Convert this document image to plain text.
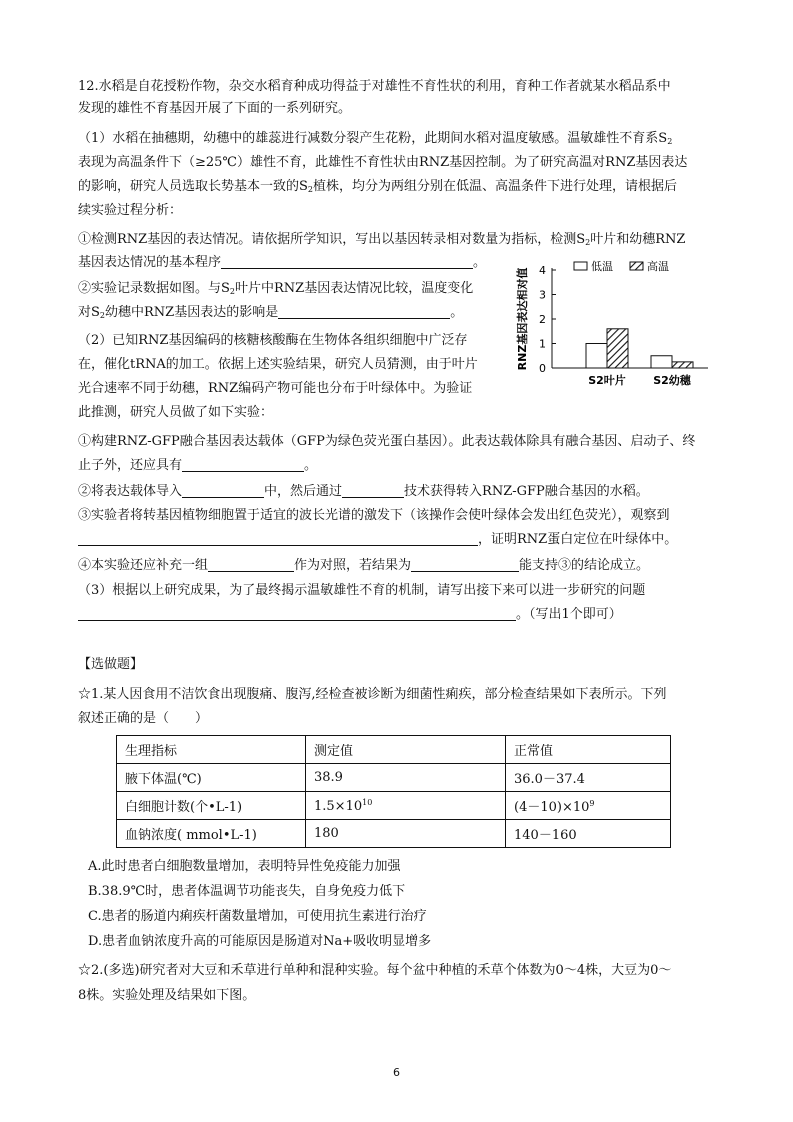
12.水稻是自花授粉作物，杂交水稻育种成功得益于对雄性不育性状的利用，育种工作者就某水稻品系中
发现的雄性不育基因开展了下面的一系列研究。
（1）水稻在抽穗期，幼穗中的雄蕊进行减数分裂产生花粉，此期间水稻对温度敏感。温敏雄性不育系$S_2$
表现为高温条件下（≥25℃）雄性不育，此雄性不育性状由RNZ基因控制。为了研究高温对RNZ基因表达
的影响，研究人员选取长势基本一致的$S_2$植株，均分为两组分别在低温、高温条件下进行处理，请根据后
续实验过程分析：
①检测RNZ基因的表达情况。请依据所学知识，写出以基因转录相对数量为指标，检测$S_2$叶片和幼穗RNZ
基因表达情况的基本程序	。
②实验记录数据如图。与$S_2$叶片中RNZ基因表达情况比较，温度变化
对$S_2$幼穗中RNZ基因表达的影响是	。
（2）已知RNZ基因编码的核糖核酸酶在生物体各组织细胞中广泛存
在，催化tRNA的加工。依据上述实验结果，研究人员猜测，由于叶片
光合速率不同于幼穗，RNZ编码产物可能也分布于叶绿体中。为验证
此推测，研究人员做了如下实验：
①构建RNZ-GFP融合基因表达载体（GFP为绿色荧光蛋白基因）。此表达载体除具有融合基因、启动子、终
止子外，还应具有	。
②将表达载体导入	中，然后通过	技术获得转入RNZ-GFP融合基因的水稻。
③实验者将转基因植物细胞置于适宜的波长光谱的激发下（该操作会使叶绿体会发出红色荧光），观察到
，证明RNZ蛋白定位在叶绿体中。
④本实验还应补充一组	作为对照，若结果为	能支持③的结论成立。
（3）根据以上研究成果，为了最终揭示温敏雄性不育的机制，请写出接下来可以进一步研究的问题
。（写出1个即可）
0
1
2
3
4
RNZ基因表达相对值
S2叶片 S2幼穗
低温	高温
【选做题】
☆1.某人因食用不洁饮食出现腹痛、腹泻,经检查被诊断为细菌性痢疾，部分检查结果如下表所示。下列
叙述正确的是（　　）
生理指标	测定值	正常值
腋下体温(℃)	38.9	36.0－37.4
白细胞计数(个•L-1)	$1.5\times 10^{10}$	$(4-10)\times 10^9$
血钠浓度( mmol•L-1)	180	140－160
A.此时患者白细胞数量增加，表明特异性免疫能力加强
B.38.9℃时，患者体温调节功能丧失，自身免疫力低下
C.患者的肠道内痢疾杆菌数量增加，可使用抗生素进行治疗
D.患者血钠浓度升高的可能原因是肠道对Na+吸收明显增多
☆2.(多选)研究者对大豆和禾草进行单种和混种实验。每个盆中种植的禾草个体数为0～4株，大豆为0～
8株。实验处理及结果如下图。
6
